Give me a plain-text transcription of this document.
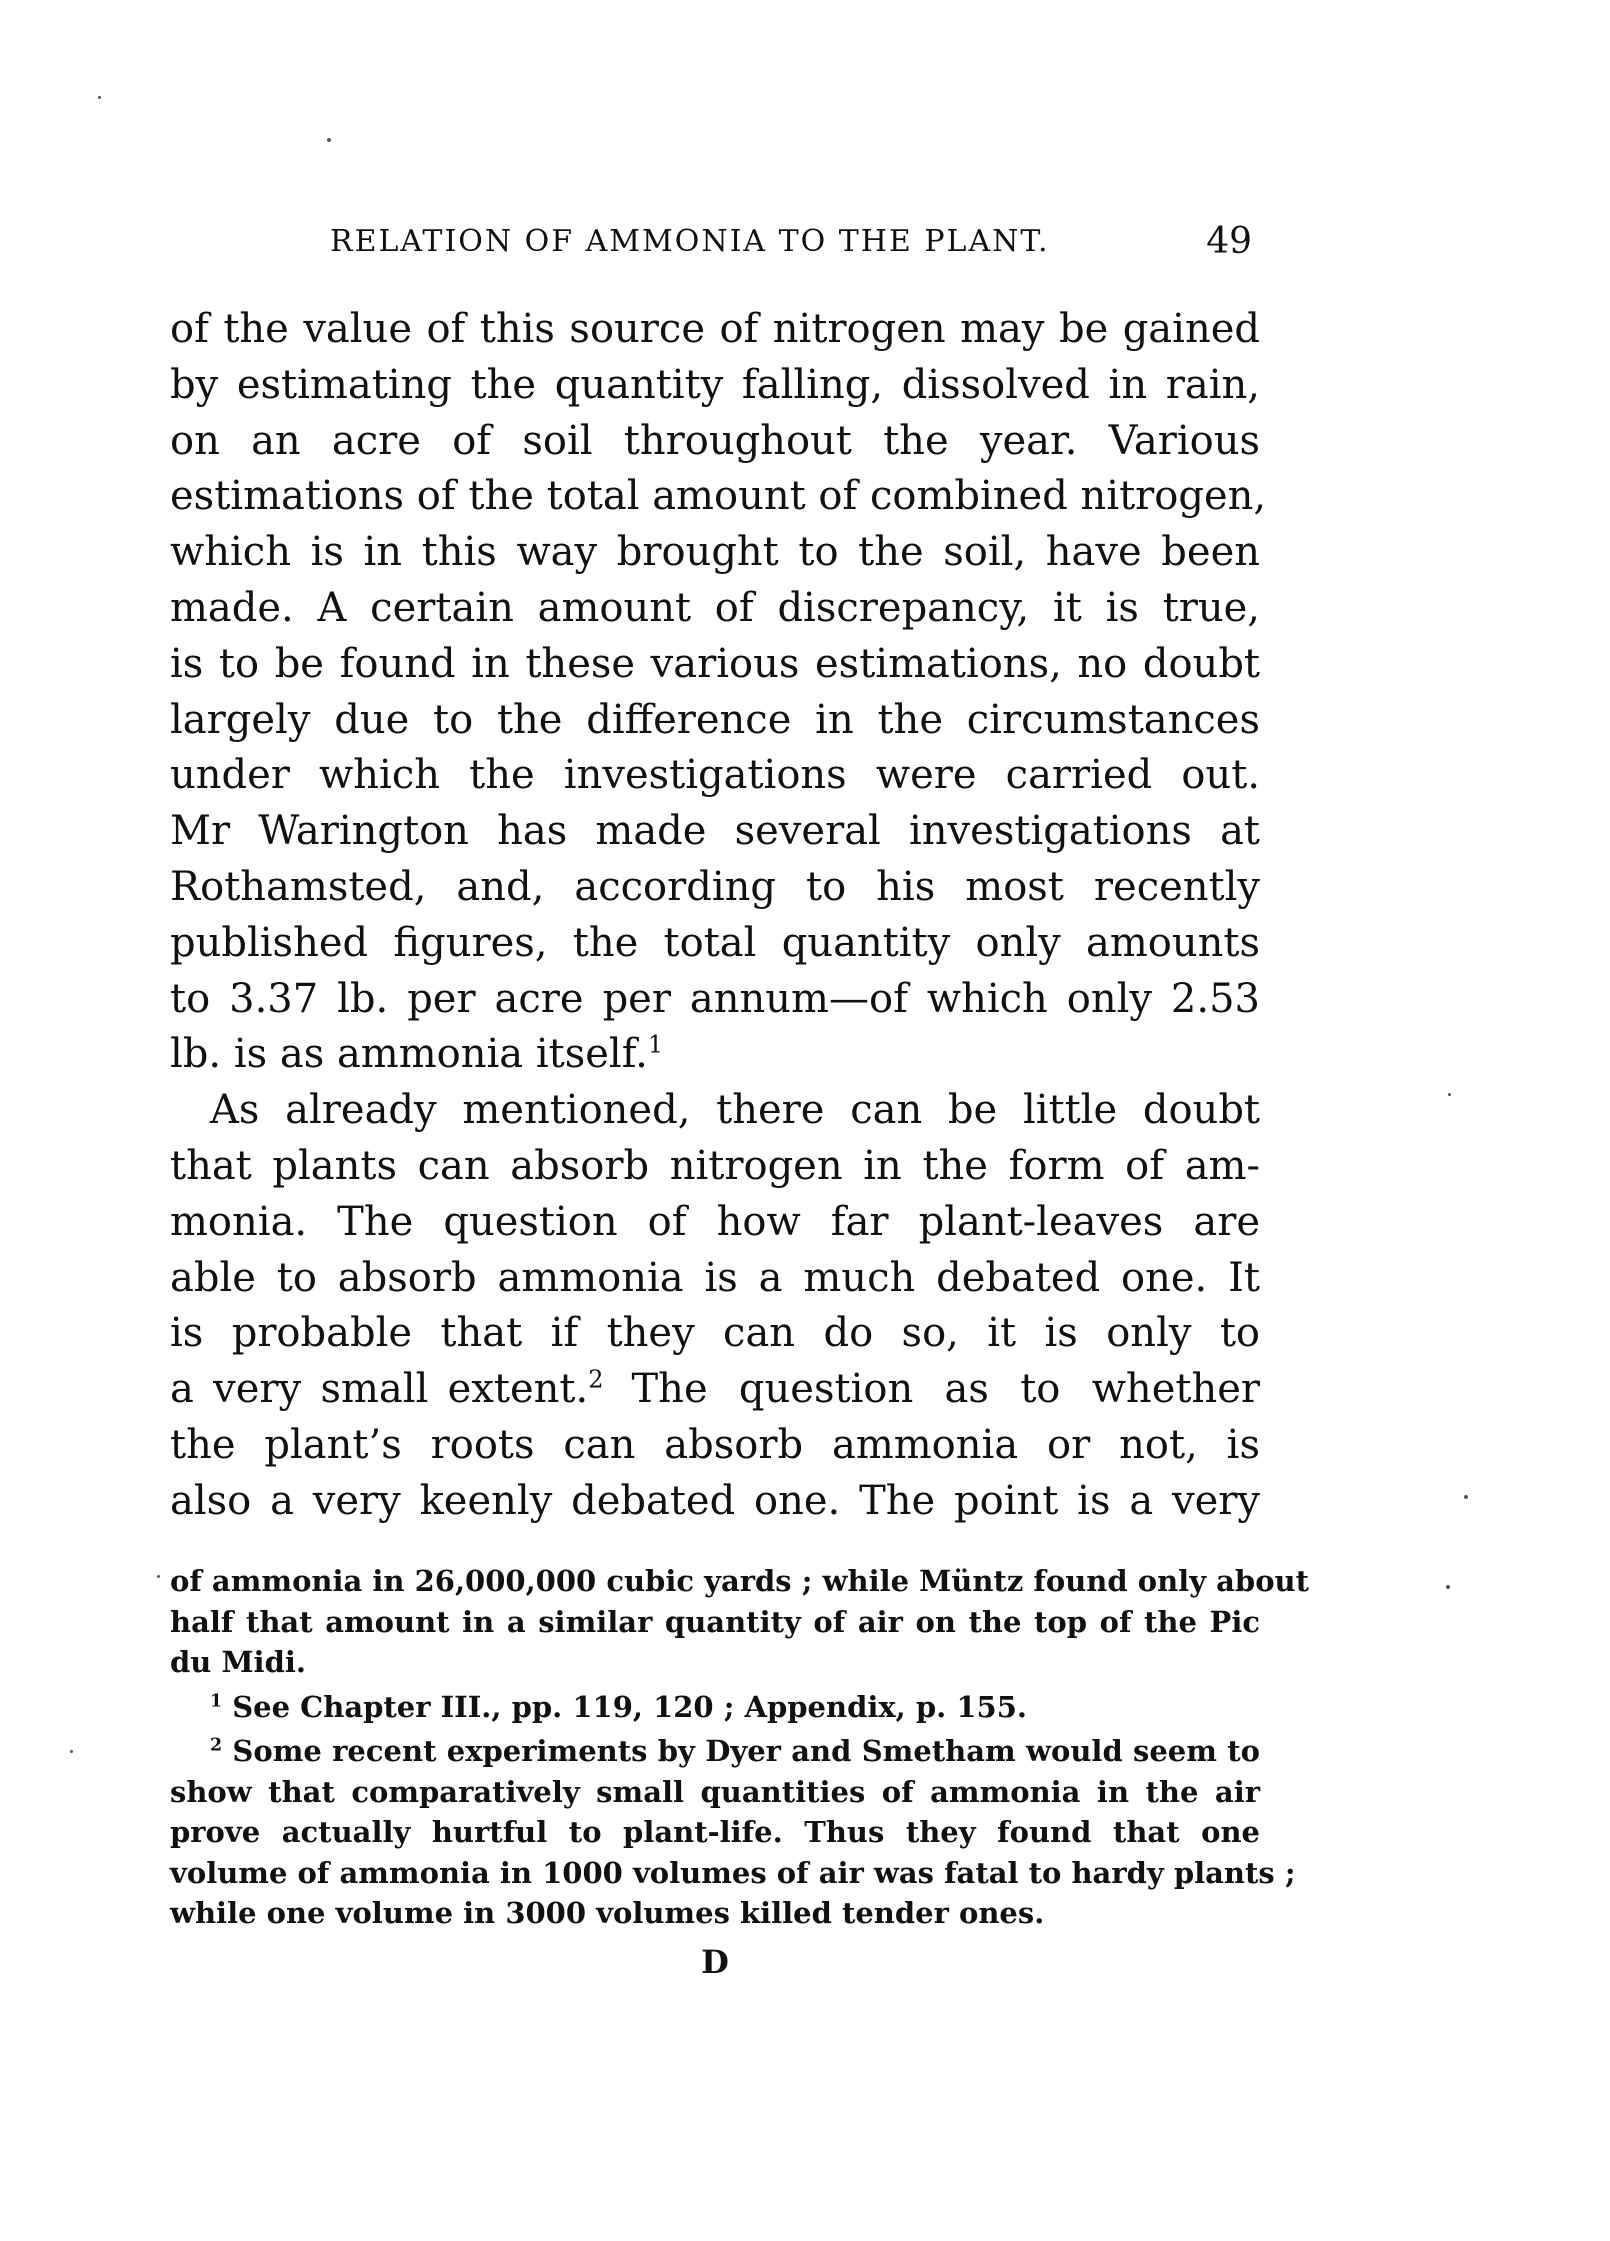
RELATION OF AMMONIA TO THE PLANT.	49
of the value of this source of nitrogen may be gained
by estimating the quantity falling, dissolved in rain,
on an acre of soil throughout the year. Various
estimations of the total amount of combined nitrogen,
which is in this way brought to the soil, have been
made. A certain amount of discrepancy, it is true,
is to be found in these various estimations, no doubt
largely due to the difference in the circumstances
under which the investigations were carried out.
Mr Warington has made several investigations at
Rothamsted, and, according to his most recently
published figures, the total quantity only amounts
to 3.37 lb. per acre per annum—of which only 2.53
lb. is as ammonia itself.$^1$
As already mentioned, there can be little doubt
that plants can absorb nitrogen in the form of am-
monia. The question of how far plant-leaves are
able to absorb ammonia is a much debated one. It
is probable that if they can do so, it is only to
a very small extent.$^2$ The question as to whether
the plant’s roots can absorb ammonia or not, is
also a very keenly debated one. The point is a very
of ammonia in 26,000,000 cubic yards ; while Müntz found only about
half that amount in a similar quantity of air on the top of the Pic
du Midi.
$^1$ See Chapter III., pp. 119, 120 ; Appendix, p. 155.
$^2$ Some recent experiments by Dyer and Smetham would seem to
show that comparatively small quantities of ammonia in the air
prove actually hurtful to plant-life. Thus they found that one
volume of ammonia in 1000 volumes of air was fatal to hardy plants ;
while one volume in 3000 volumes killed tender ones.
D
